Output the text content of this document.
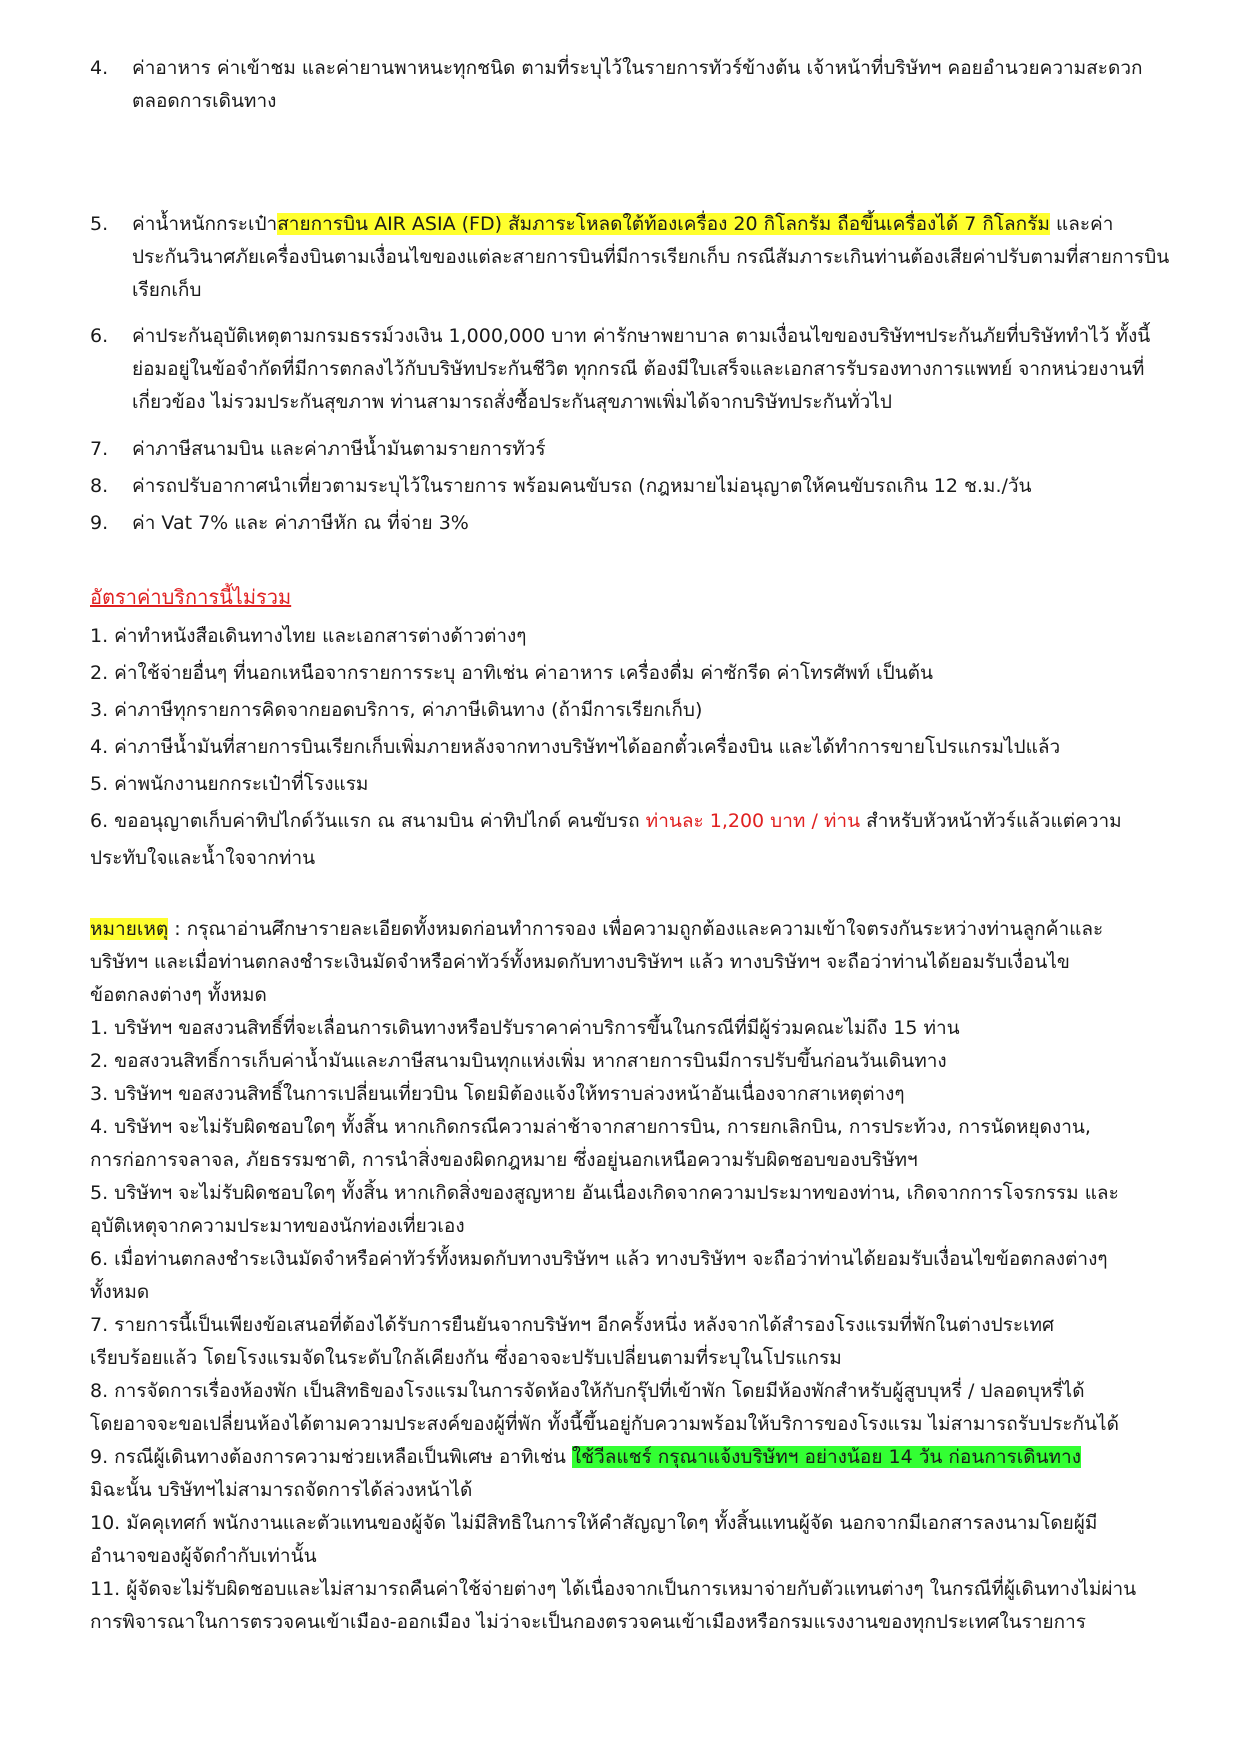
4. ค่าอาหาร ค่าเข้าชม และค่ายานพาหนะทุกชนิด ตามที่ระบุไว้ในรายการทัวร์ข้างต้น เจ้าหน้าที่บริษัทฯ คอยอำนวยความสะดวกตลอดการเดินทาง
5. ค่าน้ำหนักกระเป๋าสายการบิน AIR ASIA (FD) สัมภาระโหลดใต้ท้องเครื่อง 20 กิโลกรัม ถือขึ้นเครื่องได้ 7 กิโลกรัม และค่าประกันวินาศภัยเครื่องบินตามเงื่อนไขของแต่ละสายการบินที่มีการเรียกเก็บ กรณีสัมภาระเกินท่านต้องเสียค่าปรับตามที่สายการบินเรียกเก็บ
6. ค่าประกันอุบัติเหตุตามกรมธรรม์วงเงิน 1,000,000 บาท ค่ารักษาพยาบาล ตามเงื่อนไขของบริษัทฯประกันภัยที่บริษัททำไว้ ทั้งนี้ย่อมอยู่ในข้อจำกัดที่มีการตกลงไว้กับบริษัทประกันชีวิต ทุกกรณี ต้องมีใบเสร็จและเอกสารรับรองทางการแพทย์ จากหน่วยงานที่เกี่ยวข้อง ไม่รวมประกันสุขภาพ ท่านสามารถสั่งซื้อประกันสุขภาพเพิ่มได้จากบริษัทประกันทั่วไป
7. ค่าภาษีสนามบิน และค่าภาษีน้ำมันตามรายการทัวร์
8. ค่ารถปรับอากาศนำเที่ยวตามระบุไว้ในรายการ พร้อมคนขับรถ (กฎหมายไม่อนุญาตให้คนขับรถเกิน 12 ช.ม./วัน
9. ค่า Vat 7% และ ค่าภาษีหัก ณ ที่จ่าย 3%
อัตราค่าบริการนี้ไม่รวม
1. ค่าทำหนังสือเดินทางไทย และเอกสารต่างด้าวต่างๆ
2. ค่าใช้จ่ายอื่นๆ ที่นอกเหนือจากรายการระบุ อาทิเช่น ค่าอาหาร เครื่องดื่ม ค่าซักรีด ค่าโทรศัพท์ เป็นต้น
3. ค่าภาษีทุกรายการคิดจากยอดบริการ, ค่าภาษีเดินทาง (ถ้ามีการเรียกเก็บ)
4. ค่าภาษีน้ำมันที่สายการบินเรียกเก็บเพิ่มภายหลังจากทางบริษัทฯได้ออกตั๋วเครื่องบิน และได้ทำการขายโปรแกรมไปแล้ว
5. ค่าพนักงานยกกระเป๋าที่โรงแรม
6. ขออนุญาตเก็บค่าทิปไกด์วันแรก ณ สนามบิน ค่าทิปไกด์ คนขับรถ ท่านละ 1,200 บาท / ท่าน สำหรับหัวหน้าทัวร์แล้วแต่ความ
ประทับใจและน้ำใจจากท่าน
หมายเหตุ : กรุณาอ่านศึกษารายละเอียดทั้งหมดก่อนทำการจอง เพื่อความถูกต้องและความเข้าใจตรงกันระหว่างท่านลูกค้าและ
บริษัทฯ และเมื่อท่านตกลงชำระเงินมัดจำหรือค่าทัวร์ทั้งหมดกับทางบริษัทฯ แล้ว ทางบริษัทฯ จะถือว่าท่านได้ยอมรับเงื่อนไข
ข้อตกลงต่างๆ ทั้งหมด
1. บริษัทฯ ขอสงวนสิทธิ์ที่จะเลื่อนการเดินทางหรือปรับราคาค่าบริการขึ้นในกรณีที่มีผู้ร่วมคณะไม่ถึง 15 ท่าน
2. ขอสงวนสิทธิ์การเก็บค่าน้ำมันและภาษีสนามบินทุกแห่งเพิ่ม หากสายการบินมีการปรับขึ้นก่อนวันเดินทาง
3. บริษัทฯ ขอสงวนสิทธิ์ในการเปลี่ยนเที่ยวบิน โดยมิต้องแจ้งให้ทราบล่วงหน้าอันเนื่องจากสาเหตุต่างๆ
4. บริษัทฯ จะไม่รับผิดชอบใดๆ ทั้งสิ้น หากเกิดกรณีความล่าช้าจากสายการบิน, การยกเลิกบิน, การประท้วง, การนัดหยุดงาน,
การก่อการจลาจล, ภัยธรรมชาติ, การนำสิ่งของผิดกฎหมาย ซึ่งอยู่นอกเหนือความรับผิดชอบของบริษัทฯ
5. บริษัทฯ จะไม่รับผิดชอบใดๆ ทั้งสิ้น หากเกิดสิ่งของสูญหาย อันเนื่องเกิดจากความประมาทของท่าน, เกิดจากการโจรกรรม และ
อุบัติเหตุจากความประมาทของนักท่องเที่ยวเอง
6. เมื่อท่านตกลงชำระเงินมัดจำหรือค่าทัวร์ทั้งหมดกับทางบริษัทฯ แล้ว ทางบริษัทฯ จะถือว่าท่านได้ยอมรับเงื่อนไขข้อตกลงต่างๆ
ทั้งหมด
7. รายการนี้เป็นเพียงข้อเสนอที่ต้องได้รับการยืนยันจากบริษัทฯ อีกครั้งหนึ่ง หลังจากได้สำรองโรงแรมที่พักในต่างประเทศ
เรียบร้อยแล้ว โดยโรงแรมจัดในระดับใกล้เคียงกัน ซึ่งอาจจะปรับเปลี่ยนตามที่ระบุในโปรแกรม
8. การจัดการเรื่องห้องพัก เป็นสิทธิของโรงแรมในการจัดห้องให้กับกรุ๊ปที่เข้าพัก โดยมีห้องพักสำหรับผู้สูบบุหรี่ / ปลอดบุหรี่ได้
โดยอาจจะขอเปลี่ยนห้องได้ตามความประสงค์ของผู้ที่พัก ทั้งนี้ขึ้นอยู่กับความพร้อมให้บริการของโรงแรม ไม่สามารถรับประกันได้
9. กรณีผู้เดินทางต้องการความช่วยเหลือเป็นพิเศษ อาทิเช่น ใช้วีลแชร์ กรุณาแจ้งบริษัทฯ อย่างน้อย 14 วัน ก่อนการเดินทาง
มิฉะนั้น บริษัทฯไม่สามารถจัดการได้ล่วงหน้าได้
10. มัคคุเทศก์ พนักงานและตัวแทนของผู้จัด ไม่มีสิทธิในการให้คำสัญญาใดๆ ทั้งสิ้นแทนผู้จัด นอกจากมีเอกสารลงนามโดยผู้มี
อำนาจของผู้จัดกำกับเท่านั้น
11. ผู้จัดจะไม่รับผิดชอบและไม่สามารถคืนค่าใช้จ่ายต่างๆ ได้เนื่องจากเป็นการเหมาจ่ายกับตัวแทนต่างๆ ในกรณีที่ผู้เดินทางไม่ผ่าน
การพิจารณาในการตรวจคนเข้าเมือง-ออกเมือง ไม่ว่าจะเป็นกองตรวจคนเข้าเมืองหรือกรมแรงงานของทุกประเทศในรายการ
